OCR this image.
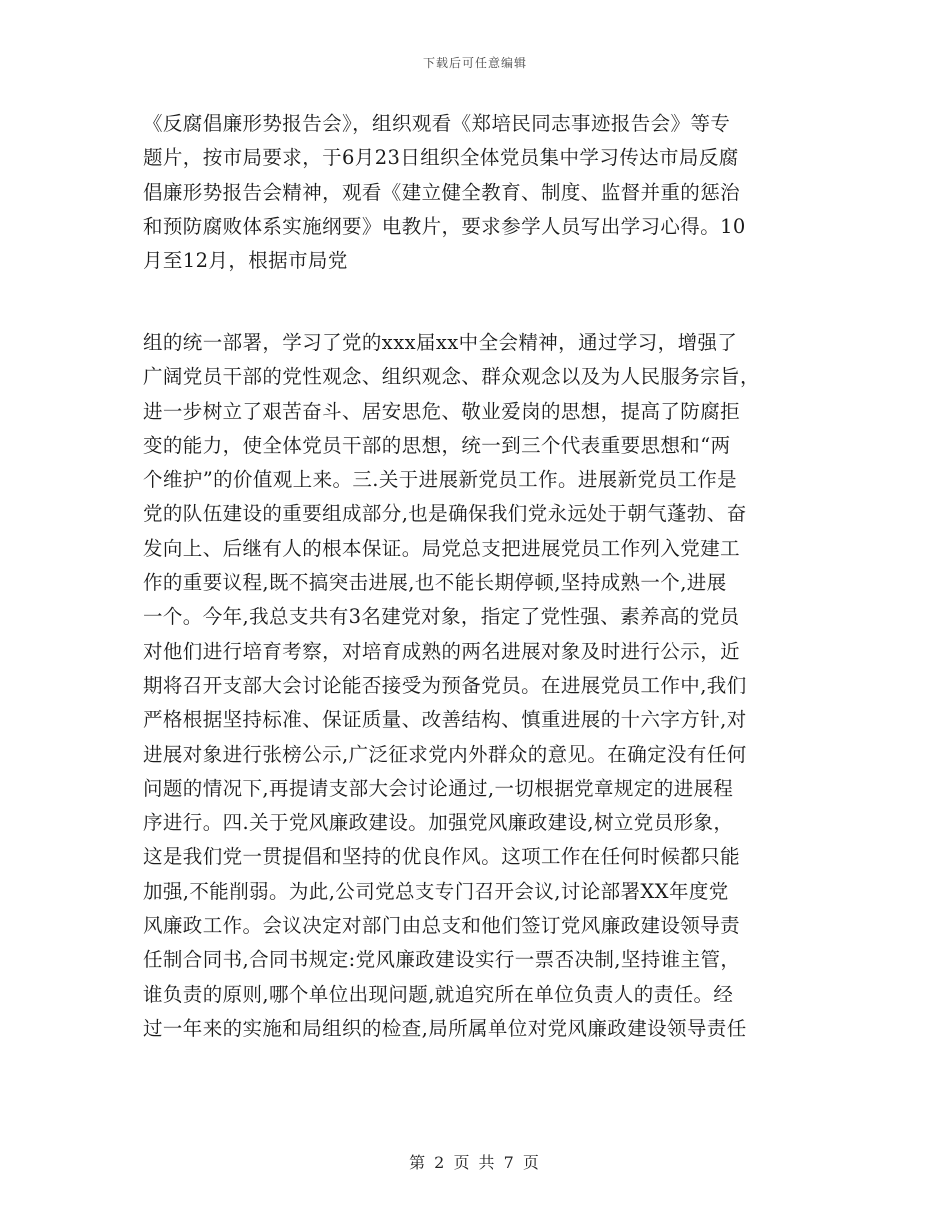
下载后可任意编辑
《反腐倡廉形势报告会》，组织观看《郑培民同志事迹报告会》等专
题片，按市局要求，于6月23日组织全体党员集中学习传达市局反腐
倡廉形势报告会精神，观看《建立健全教育、制度、监督并重的惩治
和预防腐败体系实施纲要》电教片，要求参学人员写出学习心得。10
月至12月，根据市局党
组的统一部署，学习了党的xxx届xx中全会精神，通过学习，增强了
广阔党员干部的党性观念、组织观念、群众观念以及为人民服务宗旨，
进一步树立了艰苦奋斗、居安思危、敬业爱岗的思想，提高了防腐拒
变的能力，使全体党员干部的思想，统一到三个代表重要思想和“两
个维护”的价值观上来。三.关于进展新党员工作。进展新党员工作是
党的队伍建设的重要组成部分,也是确保我们党永远处于朝气蓬勃、奋
发向上、后继有人的根本保证。局党总支把进展党员工作列入党建工
作的重要议程,既不搞突击进展,也不能长期停顿,坚持成熟一个,进展
一个。今年,我总支共有3名建党对象，指定了党性强、素养高的党员
对他们进行培育考察，对培育成熟的两名进展对象及时进行公示，近
期将召开支部大会讨论能否接受为预备党员。在进展党员工作中,我们
严格根据坚持标准、保证质量、改善结构、慎重进展的十六字方针,对
进展对象进行张榜公示,广泛征求党内外群众的意见。在确定没有任何
问题的情况下,再提请支部大会讨论通过,一切根据党章规定的进展程
序进行。四.关于党风廉政建设。加强党风廉政建设,树立党员形象，
这是我们党一贯提倡和坚持的优良作风。这项工作在任何时候都只能
加强,不能削弱。为此,公司党总支专门召开会议,讨论部署XX年度党
风廉政工作。会议决定对部门由总支和他们签订党风廉政建设领导责
任制合同书,合同书规定:党风廉政建设实行一票否决制,坚持谁主管，
谁负责的原则,哪个单位出现问题,就追究所在单位负责人的责任。经
过一年来的实施和局组织的检查,局所属单位对党风廉政建设领导责任
第 2 页 共 7 页
